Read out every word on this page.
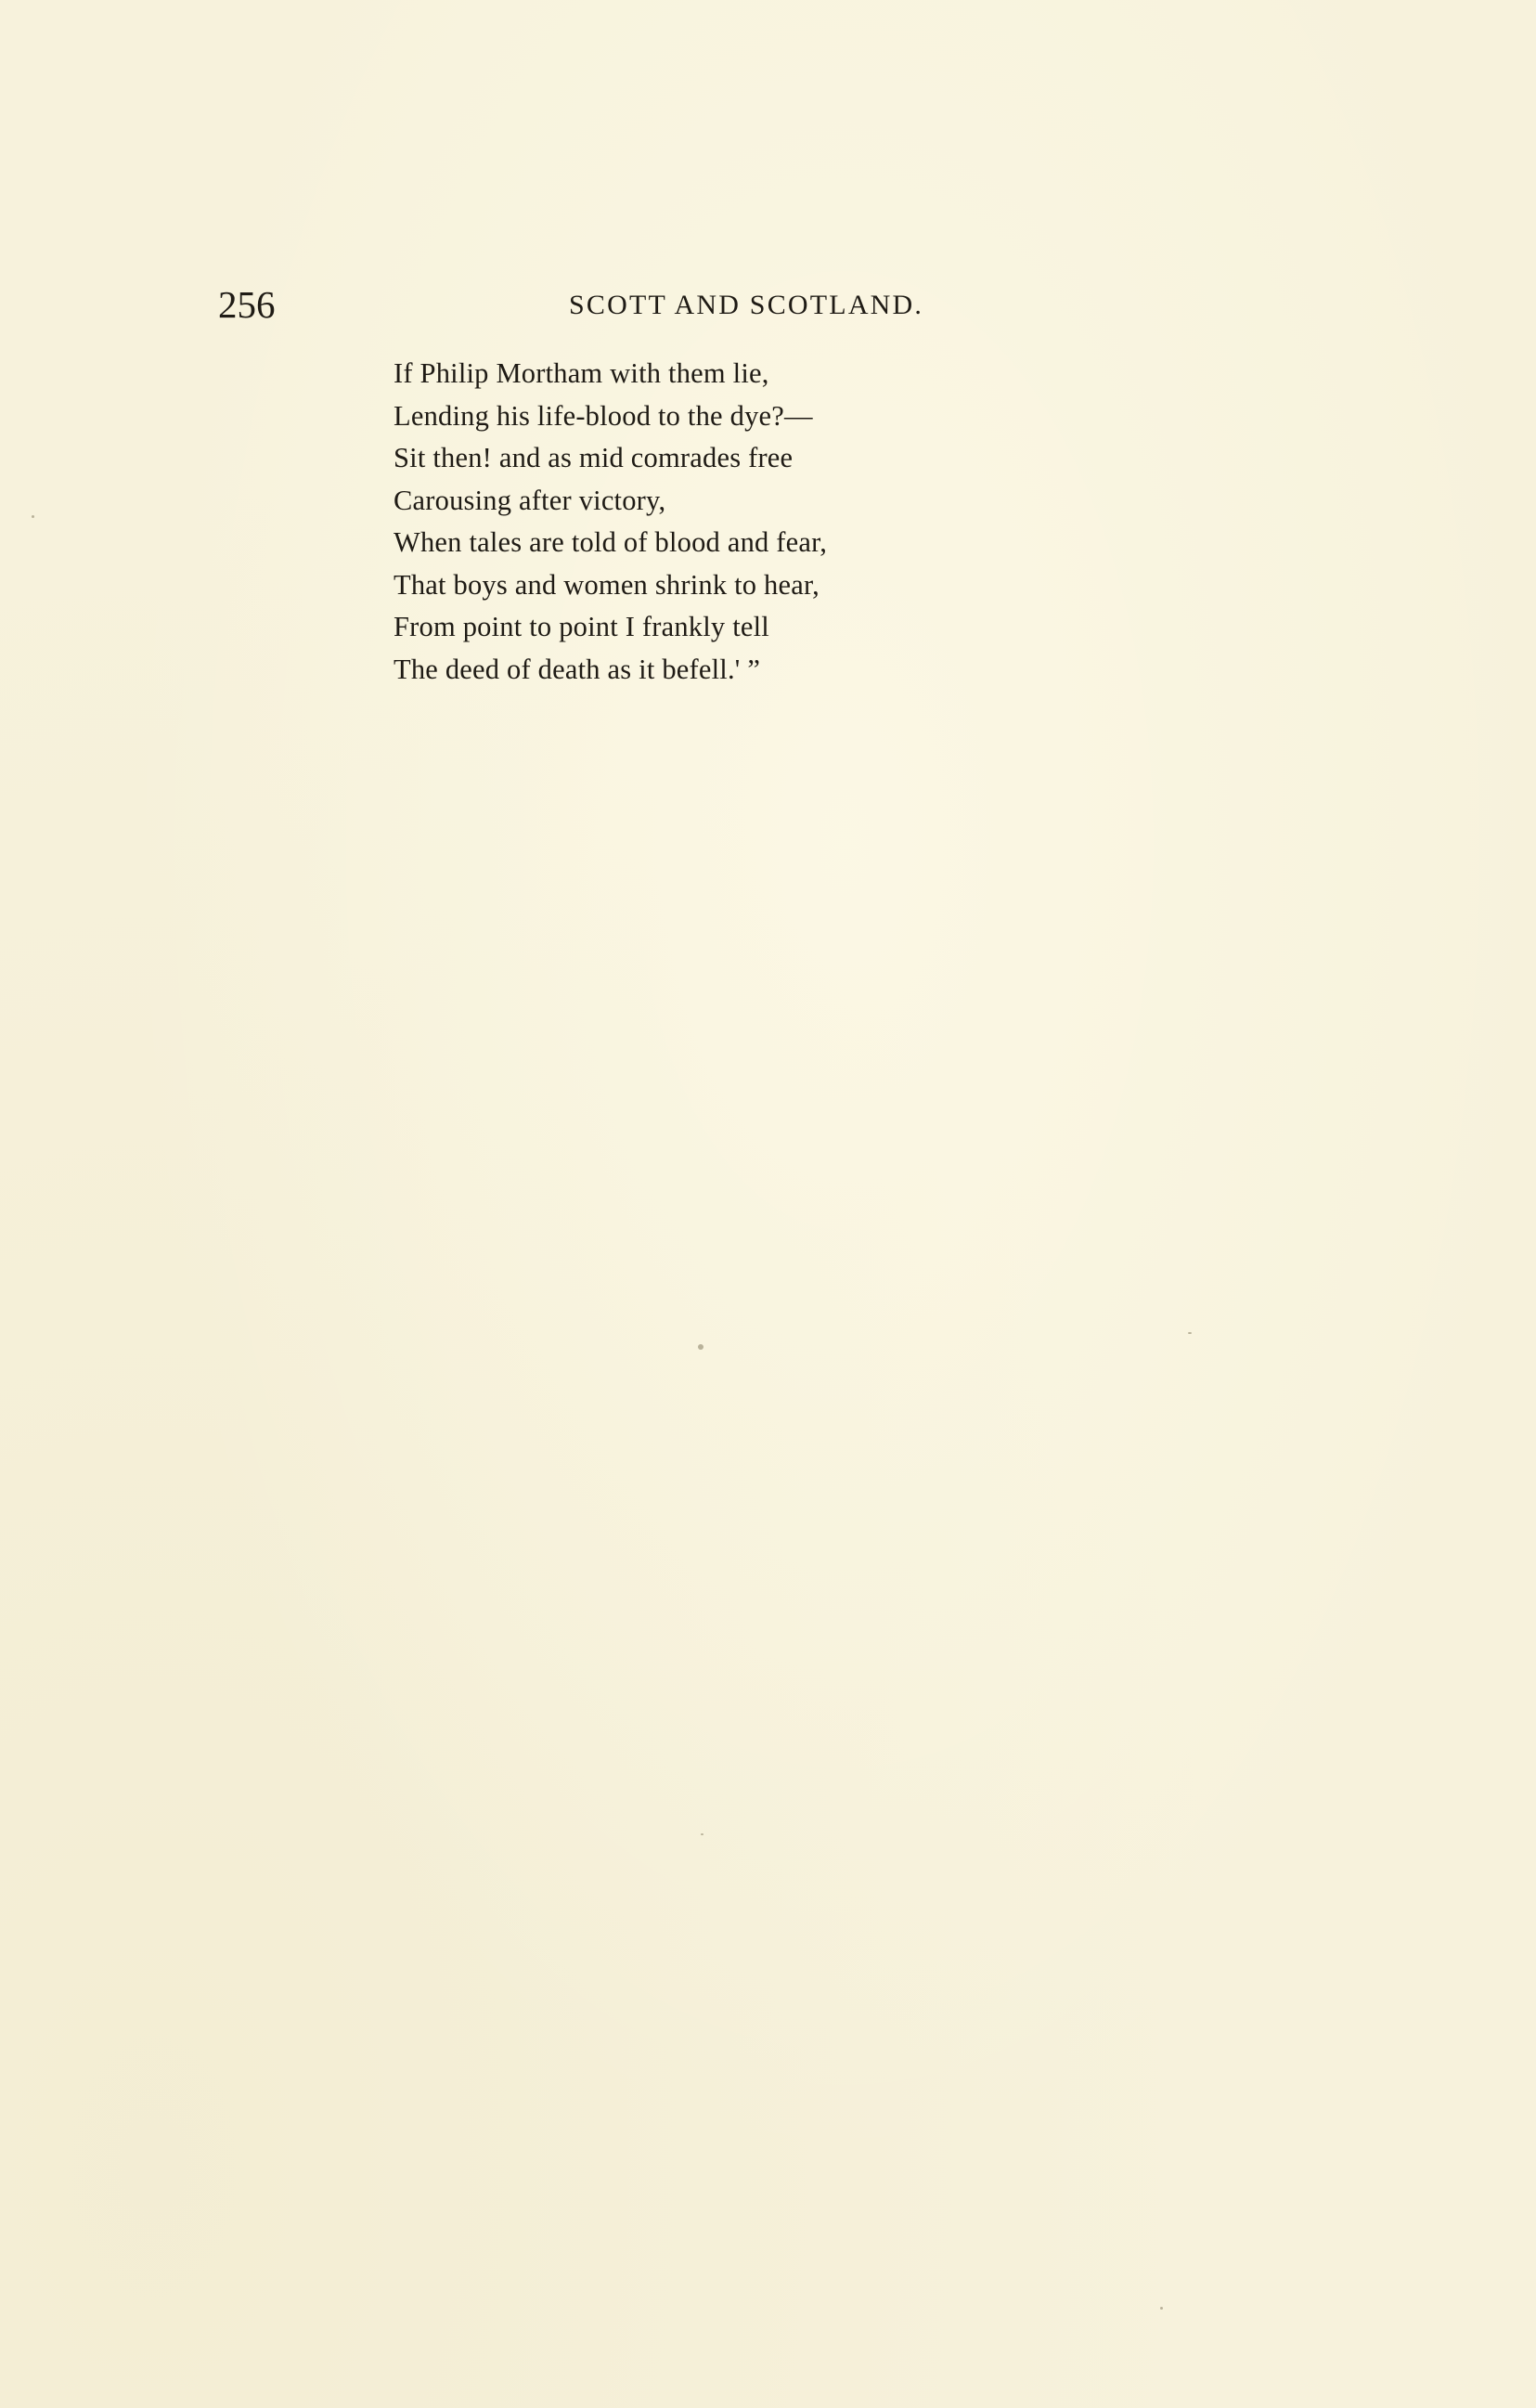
256	SCOTT AND SCOTLAND.
If Philip Mortham with them lie,
Lending his life-blood to the dye?—
Sit then! and as mid comrades free
Carousing after victory,
When tales are told of blood and fear,
That boys and women shrink to hear,
From point to point I frankly tell
The deed of death as it befell.' ”
